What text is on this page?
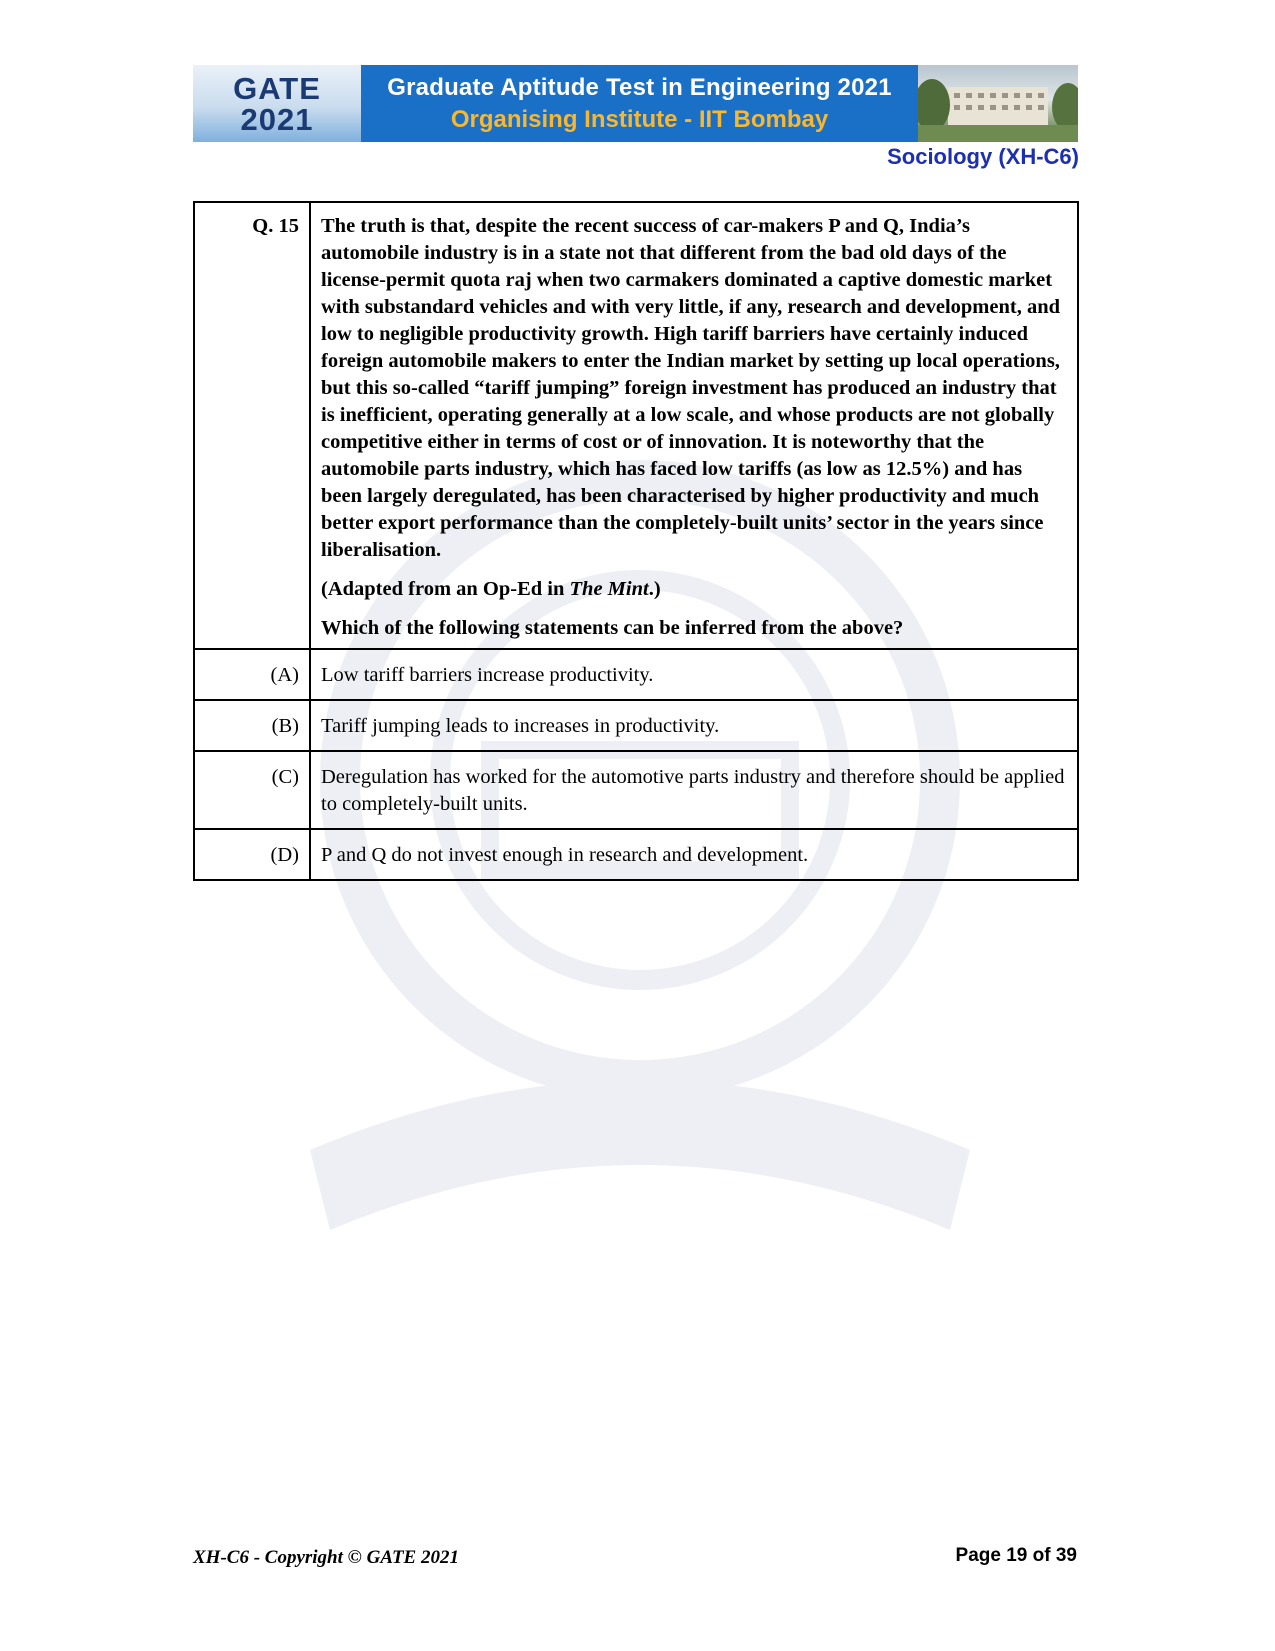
GATE
2021
Graduate Aptitude Test in Engineering 2021
Organising Institute - IIT Bombay
Sociology (XH-C6)
Q. 15	The truth is that, despite the recent success of car-makers P and Q, India’s automobile industry is in a state not that different from the bad old days of the license-permit quota raj when two carmakers dominated a captive domestic market with substandard vehicles and with very little, if any, research and development, and low to negligible productivity growth. High tariff barriers have certainly induced foreign automobile makers to enter the Indian market by setting up local operations, but this so-called “tariff jumping” foreign investment has produced an industry that is inefficient, operating generally at a low scale, and whose products are not globally competitive either in terms of cost or of innovation. It is noteworthy that the automobile parts industry, which has faced low tariffs (as low as 12.5%) and has been largely deregulated, has been characterised by higher productivity and much better export performance than the completely-built units’ sector in the years since liberalisation.

(Adapted from an Op-Ed in The Mint.)

Which of the following statements can be inferred from the above?

(A)	Low tariff barriers increase productivity.
(B)	Tariff jumping leads to increases in productivity.
(C)	Deregulation has worked for the automotive parts industry and therefore should be applied to completely-built units.
(D)	P and Q do not invest enough in research and development.
XH-C6 - Copyright © GATE 2021	Page 19 of 39
